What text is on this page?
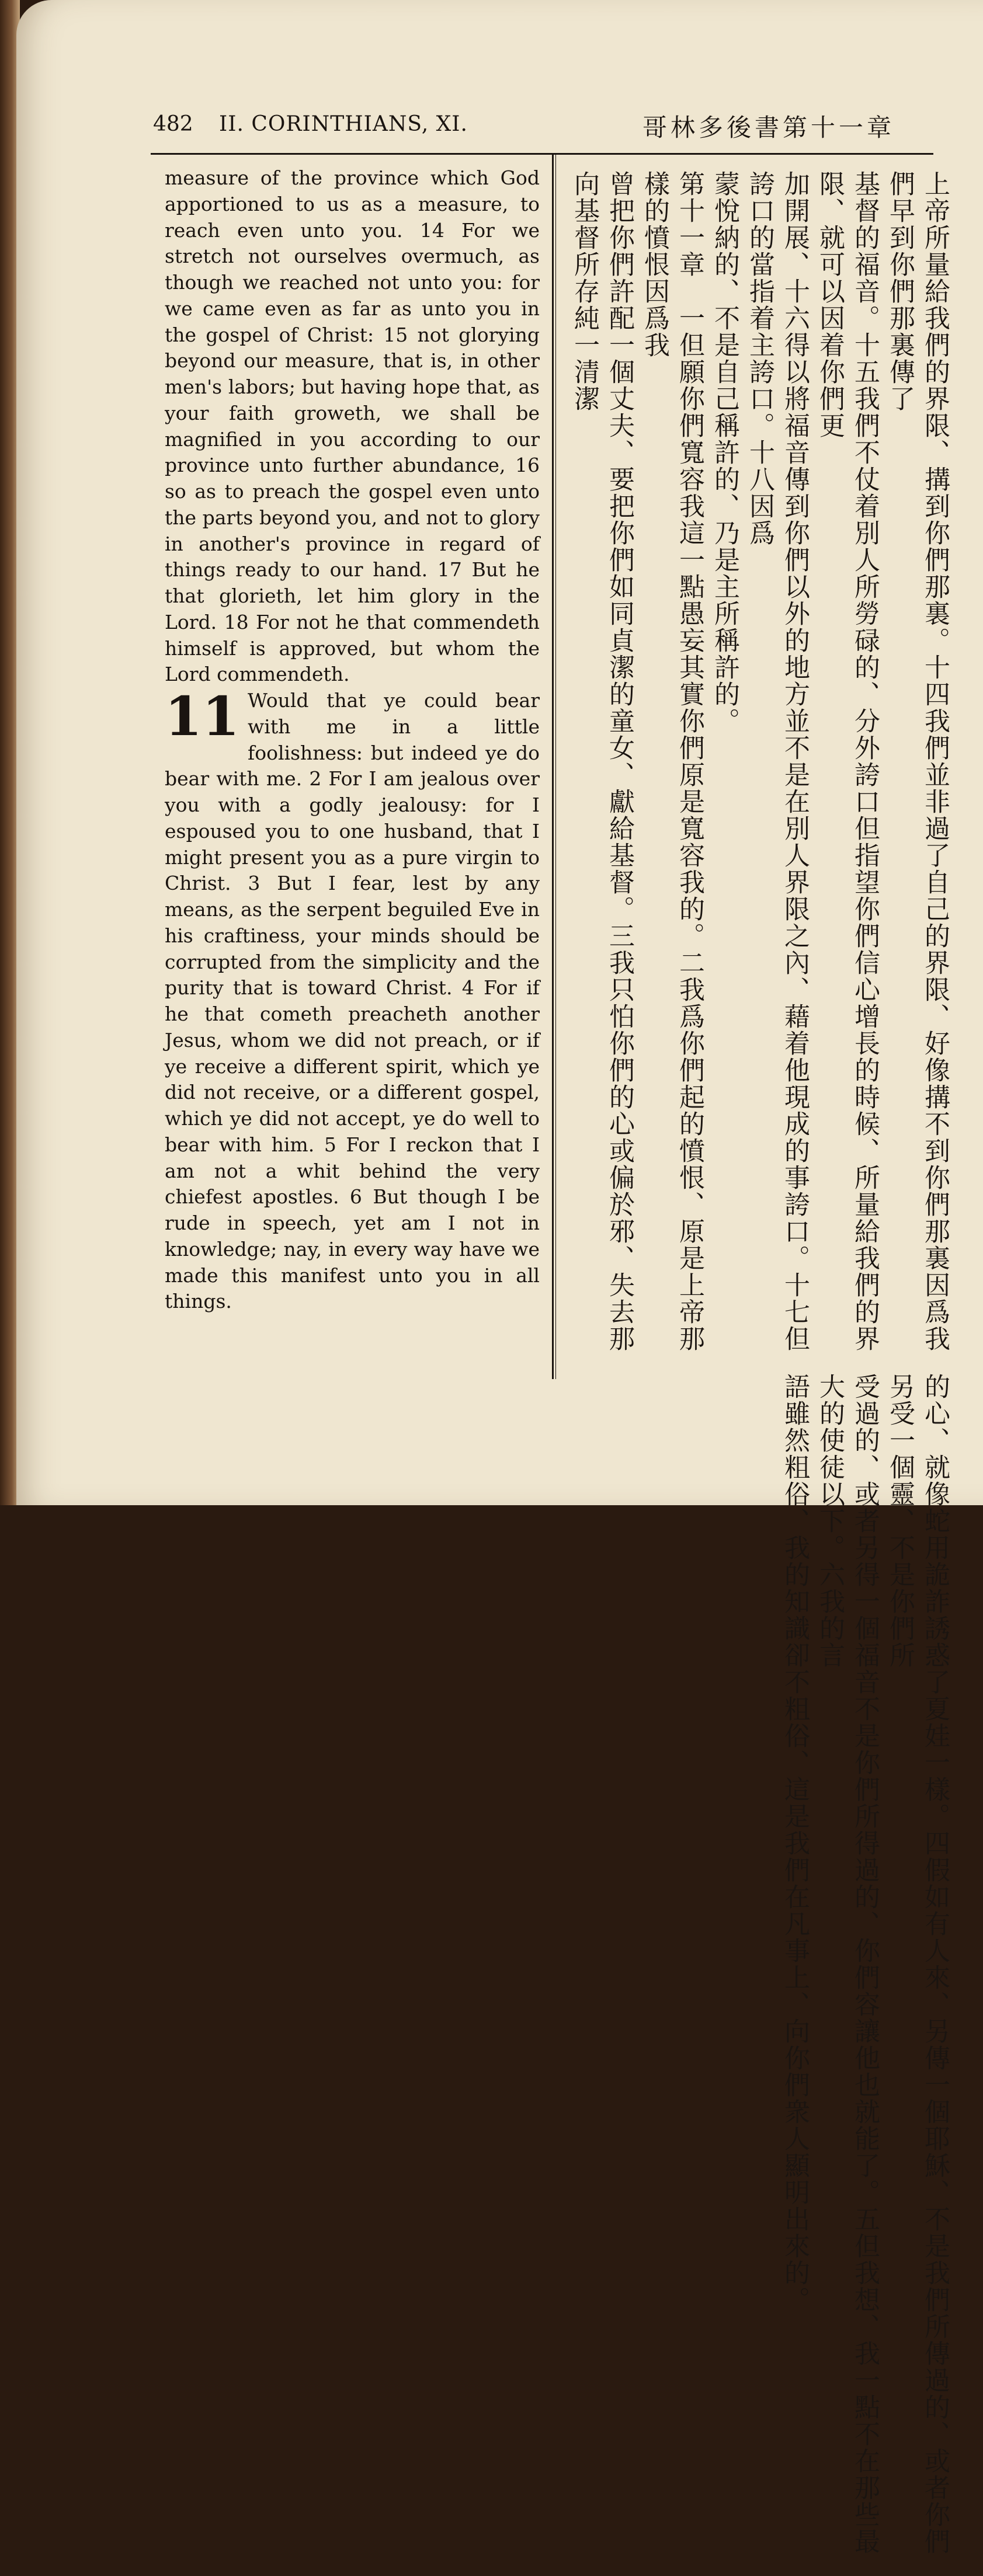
482 II. CORINTHIANS, XI.	哥林多後書第十一章

measure of the province which God apportioned to us as a measure, to reach even unto you. 14 For we stretch not ourselves overmuch, as though we reached not unto you: for we came even as far as unto you in the gospel of Christ: 15 not glorying beyond our measure, that is, in other men's labors; but having hope that, as your faith groweth, we shall be magnified in you according to our province unto further abundance, 16 so as to preach the gospel even unto the parts beyond you, and not to glory in another's province in regard of things ready to our hand. 17 But he that glorieth, let him glory in the Lord. 18 For not he that commendeth himself is approved, but whom the Lord commendeth.

11 Would that ye could bear with me in a little foolishness: but indeed ye do bear with me. 2 For I am jealous over you with a godly jealousy: for I espoused you to one husband, that I might present you as a pure virgin to Christ. 3 But I fear, lest by any means, as the serpent beguiled Eve in his craftiness, your minds should be corrupted from the simplicity and the purity that is toward Christ. 4 For if he that cometh preacheth another Jesus, whom we did not preach, or if ye receive a different spirit, which ye did not receive, or a different gospel, which ye did not accept, ye do well to bear with him. 5 For I reckon that I am not a whit behind the very chiefest apostles. 6 But though I be rude in speech, yet am I not in knowledge; nay, in every way have we made this manifest unto you in all things.	上帝所量給我們的界限、搆到你們那裏。十四我們並非過了自己的界限、好像搆不到你們那裏因爲我們早到你們那裏傳了基督的福音。十五我們不仗着別人所勞碌的、分外誇口但指望你們信心增長的時候、所量給我們的界限、就可以因着你們更加開展、十六得以將福音傳到你們以外的地方並不是在別人界限之內、藉着他現成的事誇口。十七但誇口的當指着主誇口。十八因爲蒙悅納的、不是自己稱許的、乃是主所稱許的。第十一章　一但願你們寬容我這一點愚妄其實你們原是寬容我的。二我爲你們起的憤恨、原是上帝那樣的憤恨因爲我曾把你們許配一個丈夫、要把你們如同貞潔的童女、獻給基督。三我只怕你們的心或偏於邪、失去那向基督所存純一清潔的心、就像蛇用詭詐誘惑了夏娃一樣。四假如有人來、另傳一個耶穌、不是我們所傳過的、或者你們另受一個靈、不是你們所受過的、或者另得一個福音不是你們所得過的、你們容讓他也就能了。五但我想、我一點不在那些最大的使徒以下。六我的言語雖然粗俗、我的知識卻不粗俗、這是我們在凡事上、向你們衆人顯明出來的。
